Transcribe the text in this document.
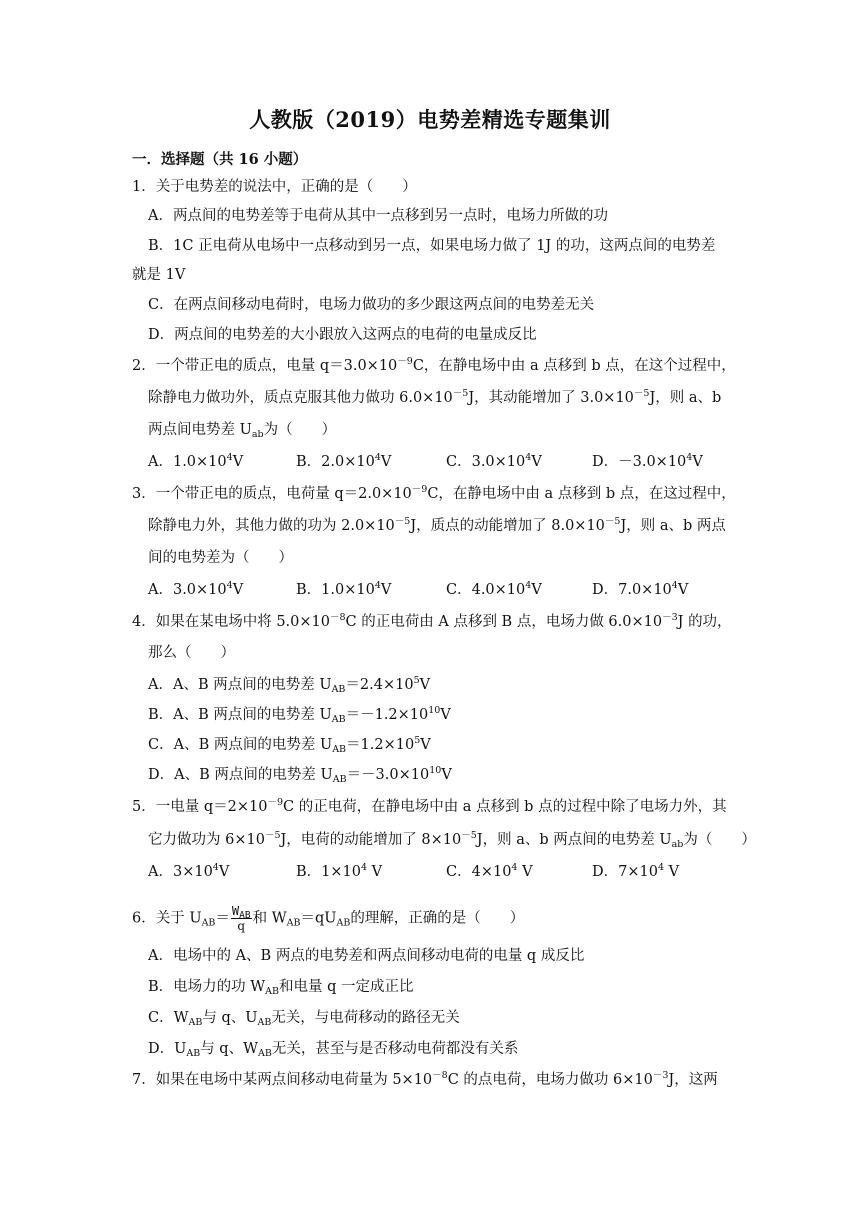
人教版（2019）电势差精选专题集训
一．选择题（共 16 小题）
1．关于电势差的说法中，正确的是（　　）
A．两点间的电势差等于电荷从其中一点移到另一点时，电场力所做的功
B．1C 正电荷从电场中一点移动到另一点，如果电场力做了 1J 的功，这两点间的电势差
就是 1V
C．在两点间移动电荷时，电场力做功的多少跟这两点间的电势差无关
D．两点间的电势差的大小跟放入这两点的电荷的电量成反比
2．一个带正电的质点，电量 $q=3.0\times 10^{-9}C$，在静电场中由 a 点移到 b 点，在这个过程中，
除静电力做功外，质点克服其他力做功 $6.0\times 10^{-5}J$，其动能增加了 $3.0\times 10^{-5}J$，则 a、b
两点间电势差 $U_{ab}$为（　　）
A．$1.0\times 10^4V$	B．$2.0\times 10^4V$	C．$3.0\times 10^4V$	D．$-3.0\times 10^4V$
3．一个带正电的质点，电荷量 $q=2.0\times 10^{-9}C$，在静电场中由 a 点移到 b 点，在这过程中，
除静电力外，其他力做的功为 $2.0\times 10^{-5}J$，质点的动能增加了 $8.0\times 10^{-5}J$，则 a、b 两点
间的电势差为（　　）
A．$3.0\times 10^4V$	B．$1.0\times 10^4V$	C．$4.0\times 10^4V$	D．$7.0\times 10^4V$
4．如果在某电场中将 $5.0\times 10^{-8}C$ 的正电荷由 A 点移到 B 点，电场力做 $6.0\times 10^{-3}J$ 的功，
那么（　　）
A．A、B 两点间的电势差 $U_{AB}=2.4\times 10^5V$
B．A、B 两点间的电势差 $U_{AB}=-1.2\times 10^{10}V$
C．A、B 两点间的电势差 $U_{AB}=1.2\times 10^5V$
D．A、B 两点间的电势差 $U_{AB}=-3.0\times 10^{10}V$
5．一电量 $q=2\times 10^{-9}C$ 的正电荷，在静电场中由 a 点移到 b 点的过程中除了电场力外，其
它力做功为 $6\times 10^{-5}J$，电荷的动能增加了 $8\times 10^{-5}J$，则 a、b 两点间的电势差 $U_{ab}$为（　　）
A．$3\times 10^4V$	B．$1\times 10^4$ V	C．$4\times 10^4$ V	D．$7\times 10^4$ V
6．关于 $U_{AB}= \frac{W_{AB}}{q}$ 和 $W_{AB}=qU_{AB}$的理解，正确的是（　　）
A．电场中的 A、B 两点的电势差和两点间移动电荷的电量 q 成反比
B．电场力的功 $W_{AB}$和电量 q 一定成正比
C．$W_{AB}$与 q、$U_{AB}$无关，与电荷移动的路径无关
D．$U_{AB}$与 q、$W_{AB}$无关，甚至与是否移动电荷都没有关系
7．如果在电场中某两点间移动电荷量为 $5\times 10^{-8}C$ 的点电荷，电场力做功 $6\times 10^{-3}J$，这两
